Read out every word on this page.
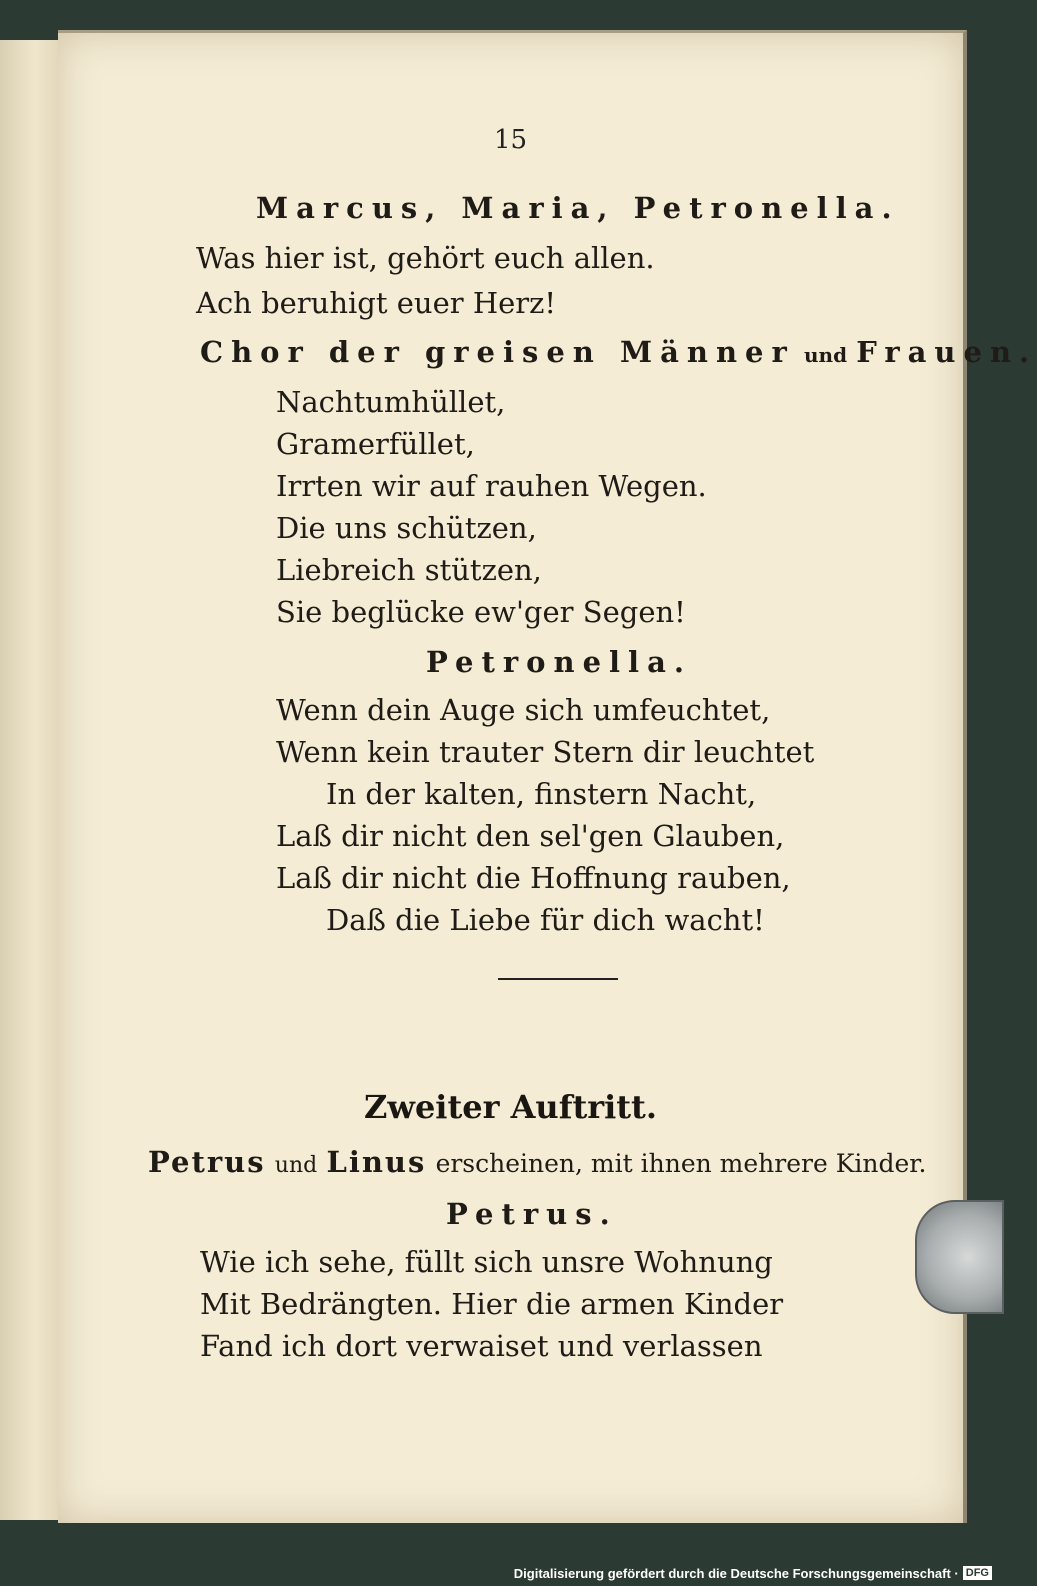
15
Marcus, Maria, Petronella.
Was hier ist, gehört euch allen.
Ach beruhigt euer Herz!
Chor der greisen Männer und Frauen.
Nachtumhüllet,
Gramerfüllet,
Irrten wir auf rauhen Wegen.
Die uns schützen,
Liebreich stützen,
Sie beglücke ew'ger Segen!
Petronella.
Wenn dein Auge sich umfeuchtet,
Wenn kein trauter Stern dir leuchtet
In der kalten, finstern Nacht,
Laß dir nicht den sel'gen Glauben,
Laß dir nicht die Hoffnung rauben,
Daß die Liebe für dich wacht!
Zweiter Auftritt.
Petrus und Linus erscheinen, mit ihnen mehrere Kinder.
Petrus.
Wie ich sehe, füllt sich unsre Wohnung
Mit Bedrängten. Hier die armen Kinder
Fand ich dort verwaiset und verlassen
Digitalisierung gefördert durch die Deutsche Forschungsgemeinschaft · DFG
